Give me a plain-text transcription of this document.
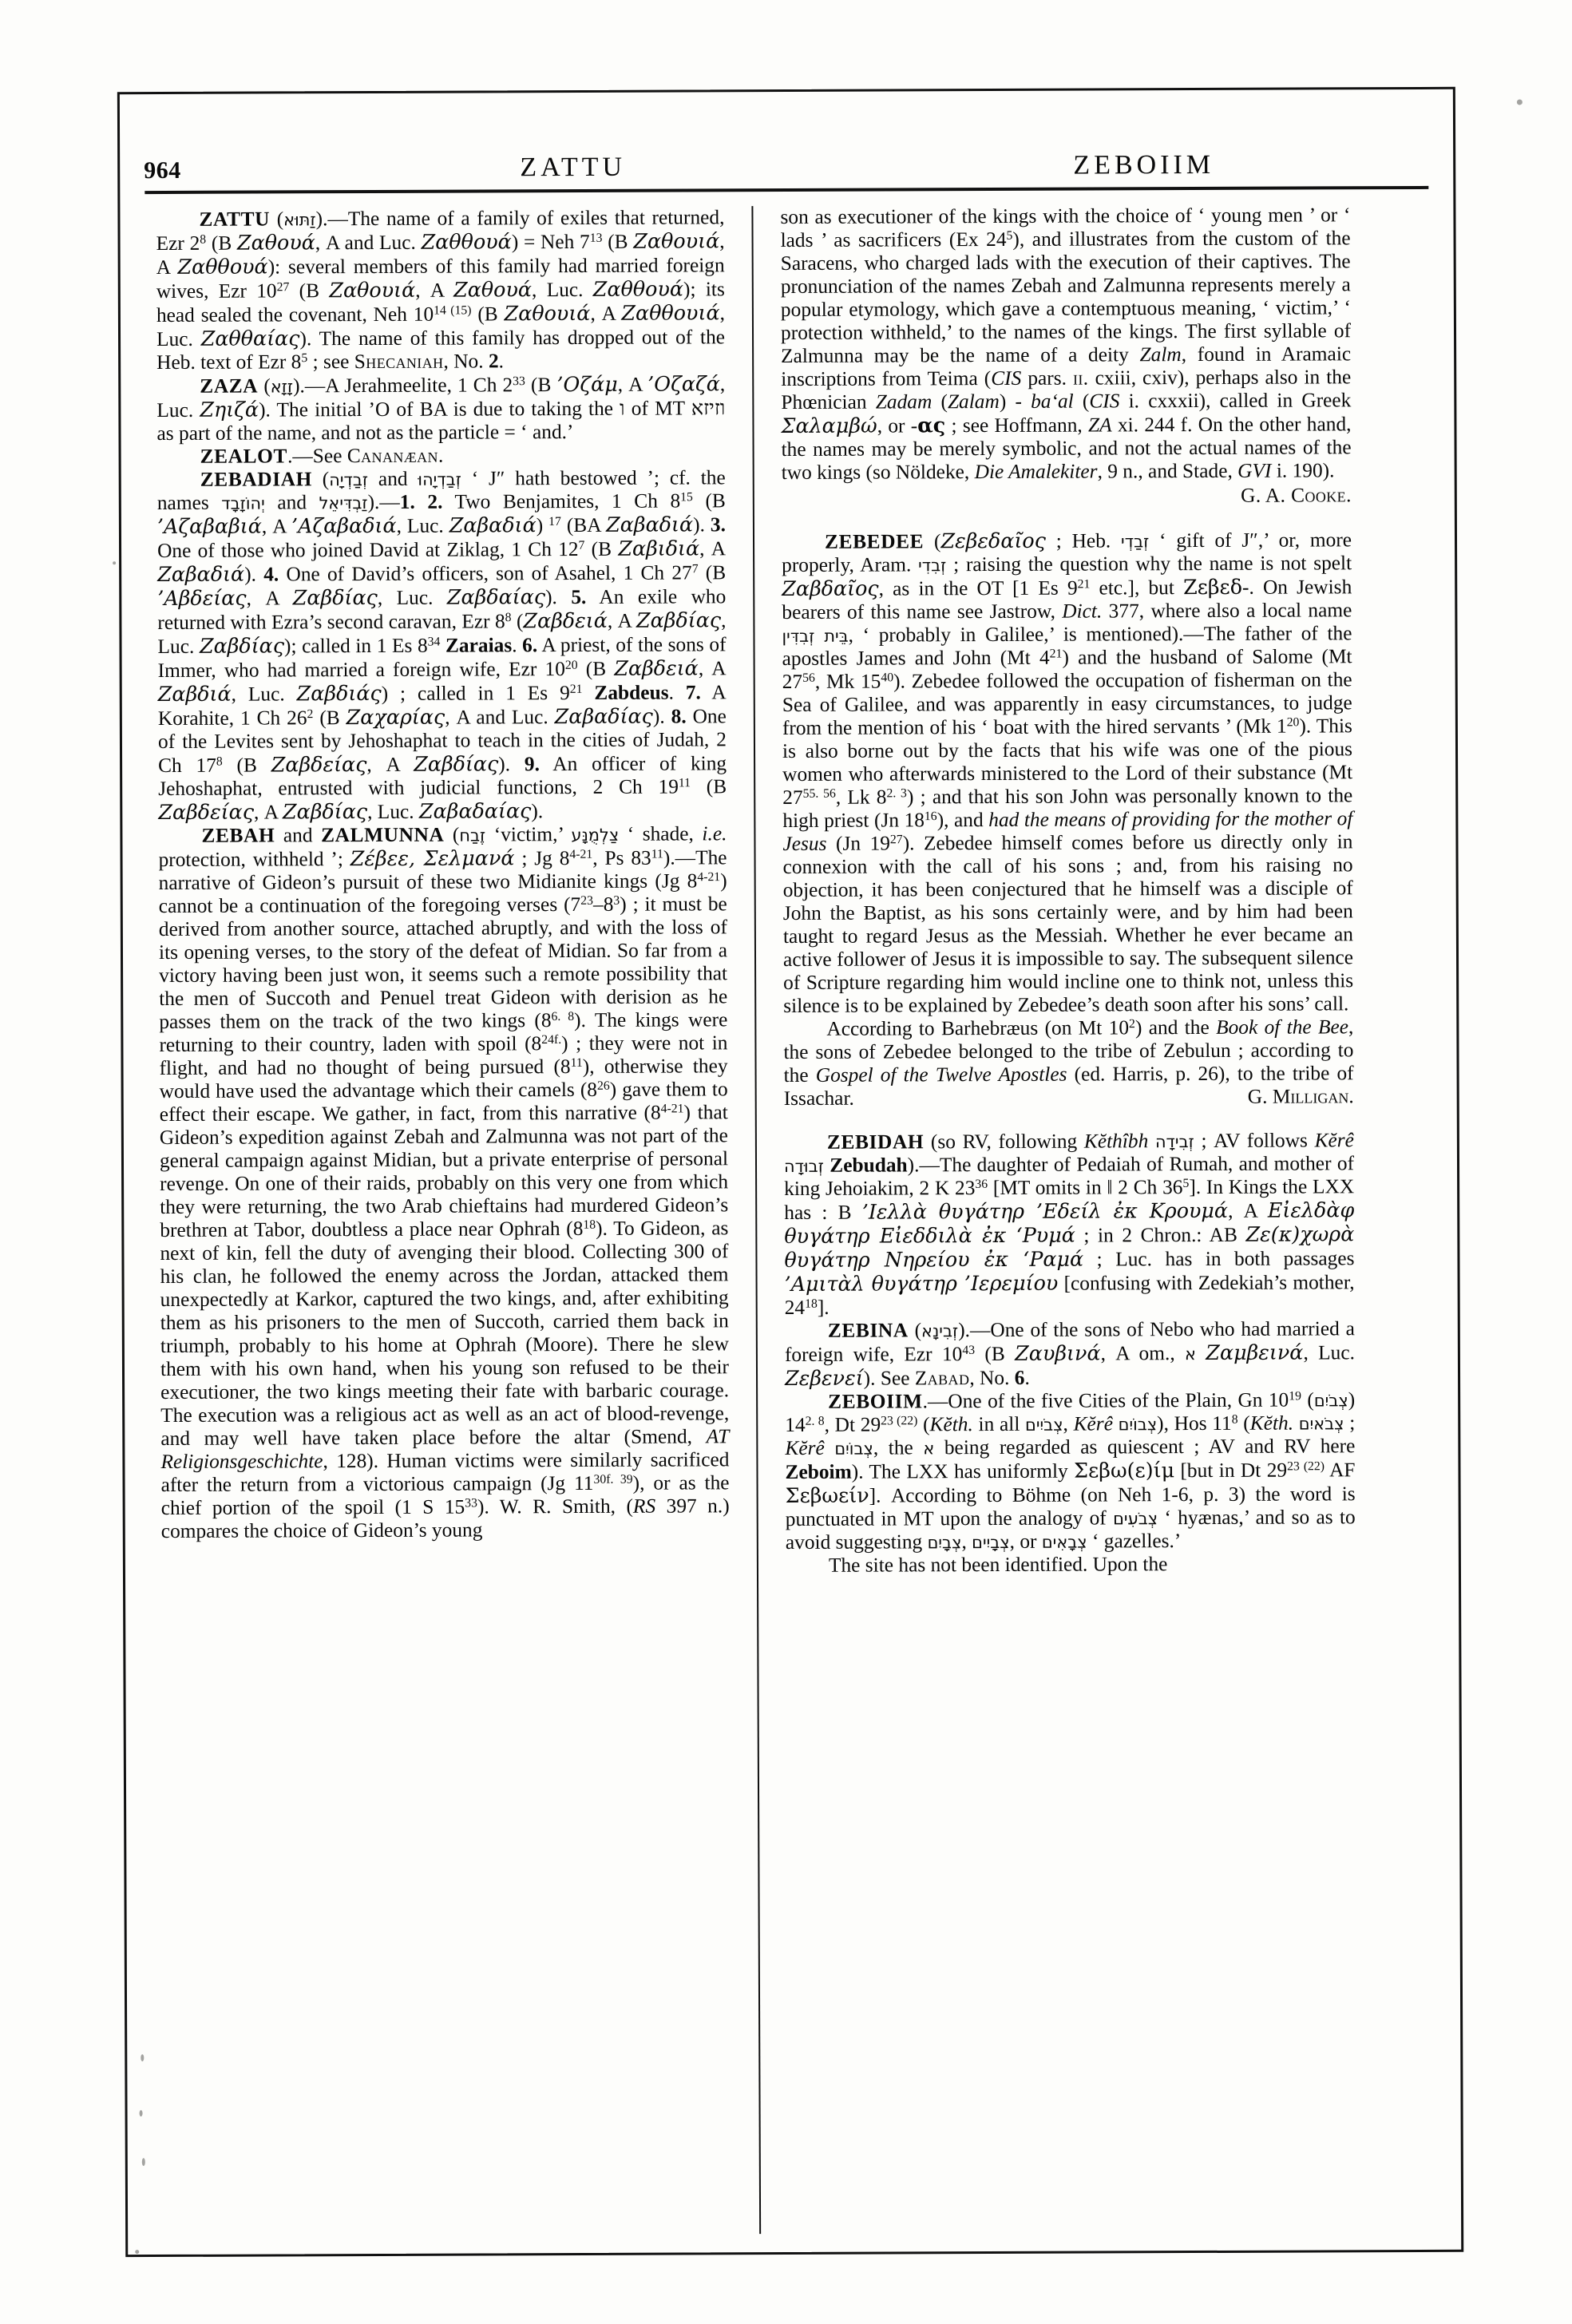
964	ZATTU	ZEBOIIM

ZATTU (זַתּוּא).—The name of a family of exiles that returned, Ezr $2^8$ (B Ζαθουά, A and Luc. Ζαθθουά) = Neh $7^{13}$ (B Ζαθουιά, A Ζαθθουά): several members of this family had married foreign wives, Ezr $10^{27}$ (B Ζαθουιά, A Ζαθουά, Luc. Ζαθθουά); its head sealed the covenant, Neh $10^{14 (15)}$ (B Ζαθουιά, A Ζαθθουιά, Luc. Ζαθθαίας). The name of this family has dropped out of the Heb. text of Ezr $8^5$ ; see Shecaniah, No. 2.

ZAZA (זָזָא).—A Jerahmeelite, 1 Ch $2^{33}$ (B ’Οζάμ, A ’Οζαζά, Luc. Ζηιζά). The initial ’O of BA is due to taking the ו of MT וזיזא as part of the name, and not as the particle = ‘ and.’

ZEALOT.—See Cananæan.

ZEBADIAH (זְבַדְיָה and זְבַדְיָהוּ ‘ J″ hath bestowed ’; cf. the names יְהוֹזָבָד and זַבְדִּיאֵל).—1. 2. Two Benjamites, 1 Ch $8^{15}$ (B ’Αζαβαβιά, A ’Αζαβαδιά, Luc. Ζαβαδιά) $^{17}$ (BA Ζαβαδιά). 3. One of those who joined David at Ziklag, 1 Ch $12^7$ (B Ζαβιδιά, A Ζαβαδιά). 4. One of David’s officers, son of Asahel, 1 Ch $27^7$ (B ’Αβδείας, A Ζαβδίας, Luc. Ζαβδαίας). 5. An exile who returned with Ezra’s second caravan, Ezr $8^8$ (Ζαβδειά, A Ζαβδίας, Luc. Ζαβδίας); called in 1 Es $8^{34}$ Zaraias. 6. A priest, of the sons of Immer, who had married a foreign wife, Ezr $10^{20}$ (B Ζαβδειά, A Ζαβδιά, Luc. Ζαβδιάς) ; called in 1 Es $9^{21}$ Zabdeus. 7. A Korahite, 1 Ch $26^2$ (B Ζαχαρίας, A and Luc. Ζαβαδίας). 8. One of the Levites sent by Jehoshaphat to teach in the cities of Judah, 2 Ch $17^8$ (B Ζαβδείας, A Ζαβδίας). 9. An officer of king Jehoshaphat, entrusted with judicial functions, 2 Ch $19^{11}$ (B Ζαβδείας, A Ζαβδίας, Luc. Ζαβαδαίας).

ZEBAH and ZALMUNNA (זֶבַח ‘victim,’ צַלְמֻנָּע ‘ shade, i.e. protection, withheld ’; Ζέβεε, Σελμανά ; Jg 8$^{4-21}$, Ps $83^{11}).—The$ narrative of Gideon’s pursuit of these two Midianite kings (Jg 8$^{4-21}$) cannot be a continuation of the foregoing verses $(7^{23}-8^3)$ ; it must be derived from another source, attached abruptly, and with the loss of its opening verses, to the story of the defeat of Midian. So far from a victory having been just won, it seems such a remote possibility that the men of Succoth and Penuel treat Gideon with derision as he passes them on the track of the two kings $(8^{6. 8})$. The kings were returning to their country, laden with spoil $(8^{24f.})$ ; they were not in flight, and had no thought of being pursued $(8^{11})$, otherwise they would have used the advantage which their camels $(8^{26})$ gave them to effect their escape. We gather, in fact, from this narrative (8$^{4-21}$) that Gideon’s expedition against Zebah and Zalmunna was not part of the general campaign against Midian, but a private enterprise of personal revenge. On one of their raids, probably on this very one from which they were returning, the two Arab chieftains had murdered Gideon’s brethren at Tabor, doubtless a place near Ophrah $(8^{18})$. To Gideon, as next of kin, fell the duty of avenging their blood. Collecting 300 of his clan, he followed the enemy across the Jordan, attacked them unexpectedly at Karkor, captured the two kings, and, after exhibiting them as his prisoners to the men of Succoth, carried them back in triumph, probably to his home at Ophrah (Moore). There he slew them with his own hand, when his young son refused to be their executioner, the two kings meeting their fate with barbaric courage. The execution was a religious act as well as an act of blood-revenge, and may well have taken place before the altar (Smend, AT Religionsgeschichte, 128). Human victims were similarly sacrificed after the return from a victorious campaign (Jg $11^{30f. 39}$), or as the chief portion of the spoil (1 S $15^{33}$). W. R. Smith, (RS 397 n.) compares the choice of Gideon’s young

son as executioner of the kings with the choice of ‘ young men ’ or ‘ lads ’ as sacrificers (Ex $24^5$), and illustrates from the custom of the Saracens, who charged lads with the execution of their captives. The pronunciation of the names Zebah and Zalmunna represents merely a popular etymology, which gave a contemptuous meaning, ‘ victim,’ ‘ protection withheld,’ to the names of the kings. The first syllable of Zalmunna may be the name of a deity Zalm, found in Aramaic inscriptions from Teima (CIS pars. ii. cxiii, cxiv), perhaps also in the Phœnician Zadam (Zalam) - ba‘al (CIS i. cxxxii), called in Greek Σαλαμβώ, or -ας ; see Hoffmann, ZA xi. 244 f. On the other hand, the names may be merely symbolic, and not the actual names of the two kings (so Nöldeke, Die Amalekiter, 9 n., and Stade, GVI i. 190).

G. A. Cooke.

ZEBEDEE (Ζεβεδαῖος ; Heb. זְבַדְי ‘ gift of J″,’ or, more properly, Aram. זְבִדִי ; raising the question why the name is not spelt Ζαβδαῖος, as in the OT [1 Es $9^{21}$ etc.], but Ζεβεδ-. On Jewish bearers of this name see Jastrow, Dict. 377, where also a local name בֵּית זְבִדִּין, ‘ probably in Galilee,’ is mentioned).—The father of the apostles James and John (Mt $4^{21}$) and the husband of Salome (Mt $27^{56}$, Mk $15^{40}$). Zebedee followed the occupation of fisherman on the Sea of Galilee, and was apparently in easy circumstances, to judge from the mention of his ‘ boat with the hired servants ’ (Mk $1^{20}$). This is also borne out by the facts that his wife was one of the pious women who afterwards ministered to the Lord of their substance (Mt $27^{55. 56}$, Lk $8^{2. 3}$) ; and that his son John was personally known to the high priest (Jn $18^{16}$), and had the means of providing for the mother of Jesus (Jn $19^{27}$). Zebedee himself comes before us directly only in connexion with the call of his sons ; and, from his raising no objection, it has been conjectured that he himself was a disciple of John the Baptist, as his sons certainly were, and by him had been taught to regard Jesus as the Messiah. Whether he ever became an active follower of Jesus it is impossible to say. The subsequent silence of Scripture regarding him would incline one to think not, unless this silence is to be explained by Zebedee’s death soon after his sons’ call.

According to Barhebræus (on Mt $10^2$) and the Book of the Bee, the sons of Zebedee belonged to the tribe of Zebulun ; according to the Gospel of the Twelve Apostles (ed. Harris, p. 26), to the tribe of Issachar.	G. Milligan.

ZEBIDAH (so RV, following Kĕthîbh זְבִידָה ; AV follows Kĕrê זְבוּדָה Zebudah).—The daughter of Pedaiah of Rumah, and mother of king Jehoiakim, 2 K $23^{36}$ [MT omits in ‖ 2 Ch $36^5$]. In Kings the LXX has : B ’Ιελλὰ θυγάτηρ ’Εδείλ ἐκ Κρουμά, A Εἰελδὰφ θυγάτηρ Εἰεδδιλὰ ἐκ ‘Ρυμά ; in 2 Chron.: AB Ζε(κ)χωρὰ θυγάτηρ Νηρείου ἐκ ‘Ραμά ; Luc. has in both passages ’Αμιτὰλ θυγάτηρ ’Ιερεμίου [confusing with Zedekiah’s mother, $24^{18}$].

ZEBINA (זְבִינָא).—One of the sons of Nebo who had married a foreign wife, Ezr $10^{43}$ (B Ζαυβινά, A om., א Ζαμβεινά, Luc. Ζεβενεί). See Zabad, No. 6.

ZEBOIIM.—One of the five Cities of the Plain, Gn $10^{19}$ (צְבֹיִם) $14^{2. 8}$, Dt $29^{23 (22)}$ (Kĕth. in all צְבֹיִים, Kĕrê צְבוֹיִם), Hos $11^8$ (Kĕth. צְבֹאיִם ; Kĕrê צְבוֹיִם, the א being regarded as quiescent ; AV and RV here Zeboim). The LXX has uniformly Σεβω(ε)ίμ [but in Dt $29^{23 (22)}$ AF Σεβωείν]. According to Böhme (on Neh 1-6, p. 3) the word is punctuated in MT upon the analogy of צְבֹעִים ‘ hyænas,’ and so as to avoid suggesting צְבָיִם, צְבָיִים, or צְבָאִים ‘ gazelles.’

The site has not been identified. Upon the
